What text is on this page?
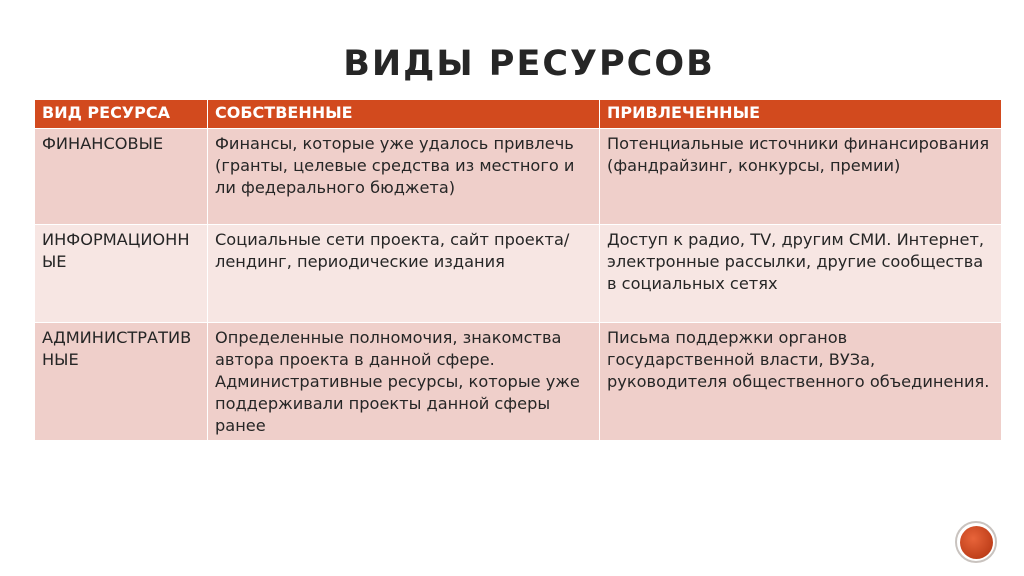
ВИДЫ РЕСУРСОВ
ВИД РЕСУРСА	СОБСТВЕННЫЕ	ПРИВЛЕЧЕННЫЕ
ФИНАНСОВЫЕ	Финансы, которые уже удалось привлечь (гранты, целевые средства из местного и ли федерального бюджета)	Потенциальные источники финансирования (фандрайзинг, конкурсы, премии)
ИНФОРМАЦИОННЫЕ	Социальные сети проекта, сайт проекта/лендинг, периодические издания	Доступ к радио, TV, другим СМИ. Интернет, электронные рассылки, другие сообщества в социальных сетях
АДМИНИСТРАТИВНЫЕ	Определенные полномочия, знакомства автора проекта в данной сфере. Административные ресурсы, которые уже поддерживали проекты данной сферы ранее	Письма поддержки органов государственной власти, ВУЗа, руководителя общественного объединения.
